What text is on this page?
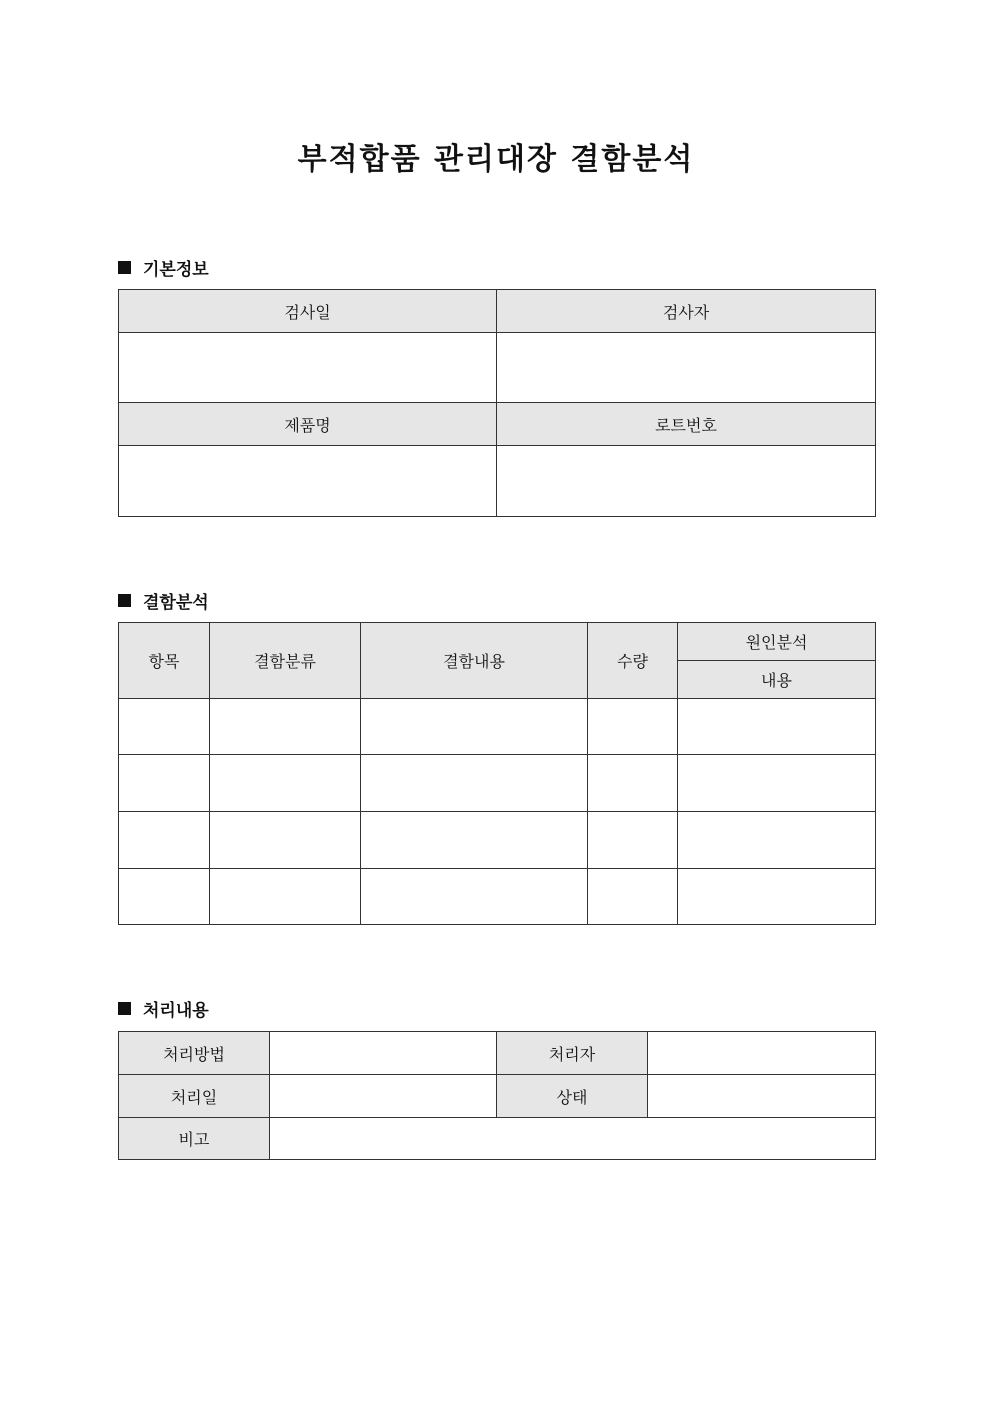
부적합품 관리대장 결함분석
기본정보
검사일	검사자

제품명	로트번호

결함분석
항목	결함분류	결함내용	수량	원인분석
				내용

처리내용
처리방법		처리자	
처리일		상태	
비고			
